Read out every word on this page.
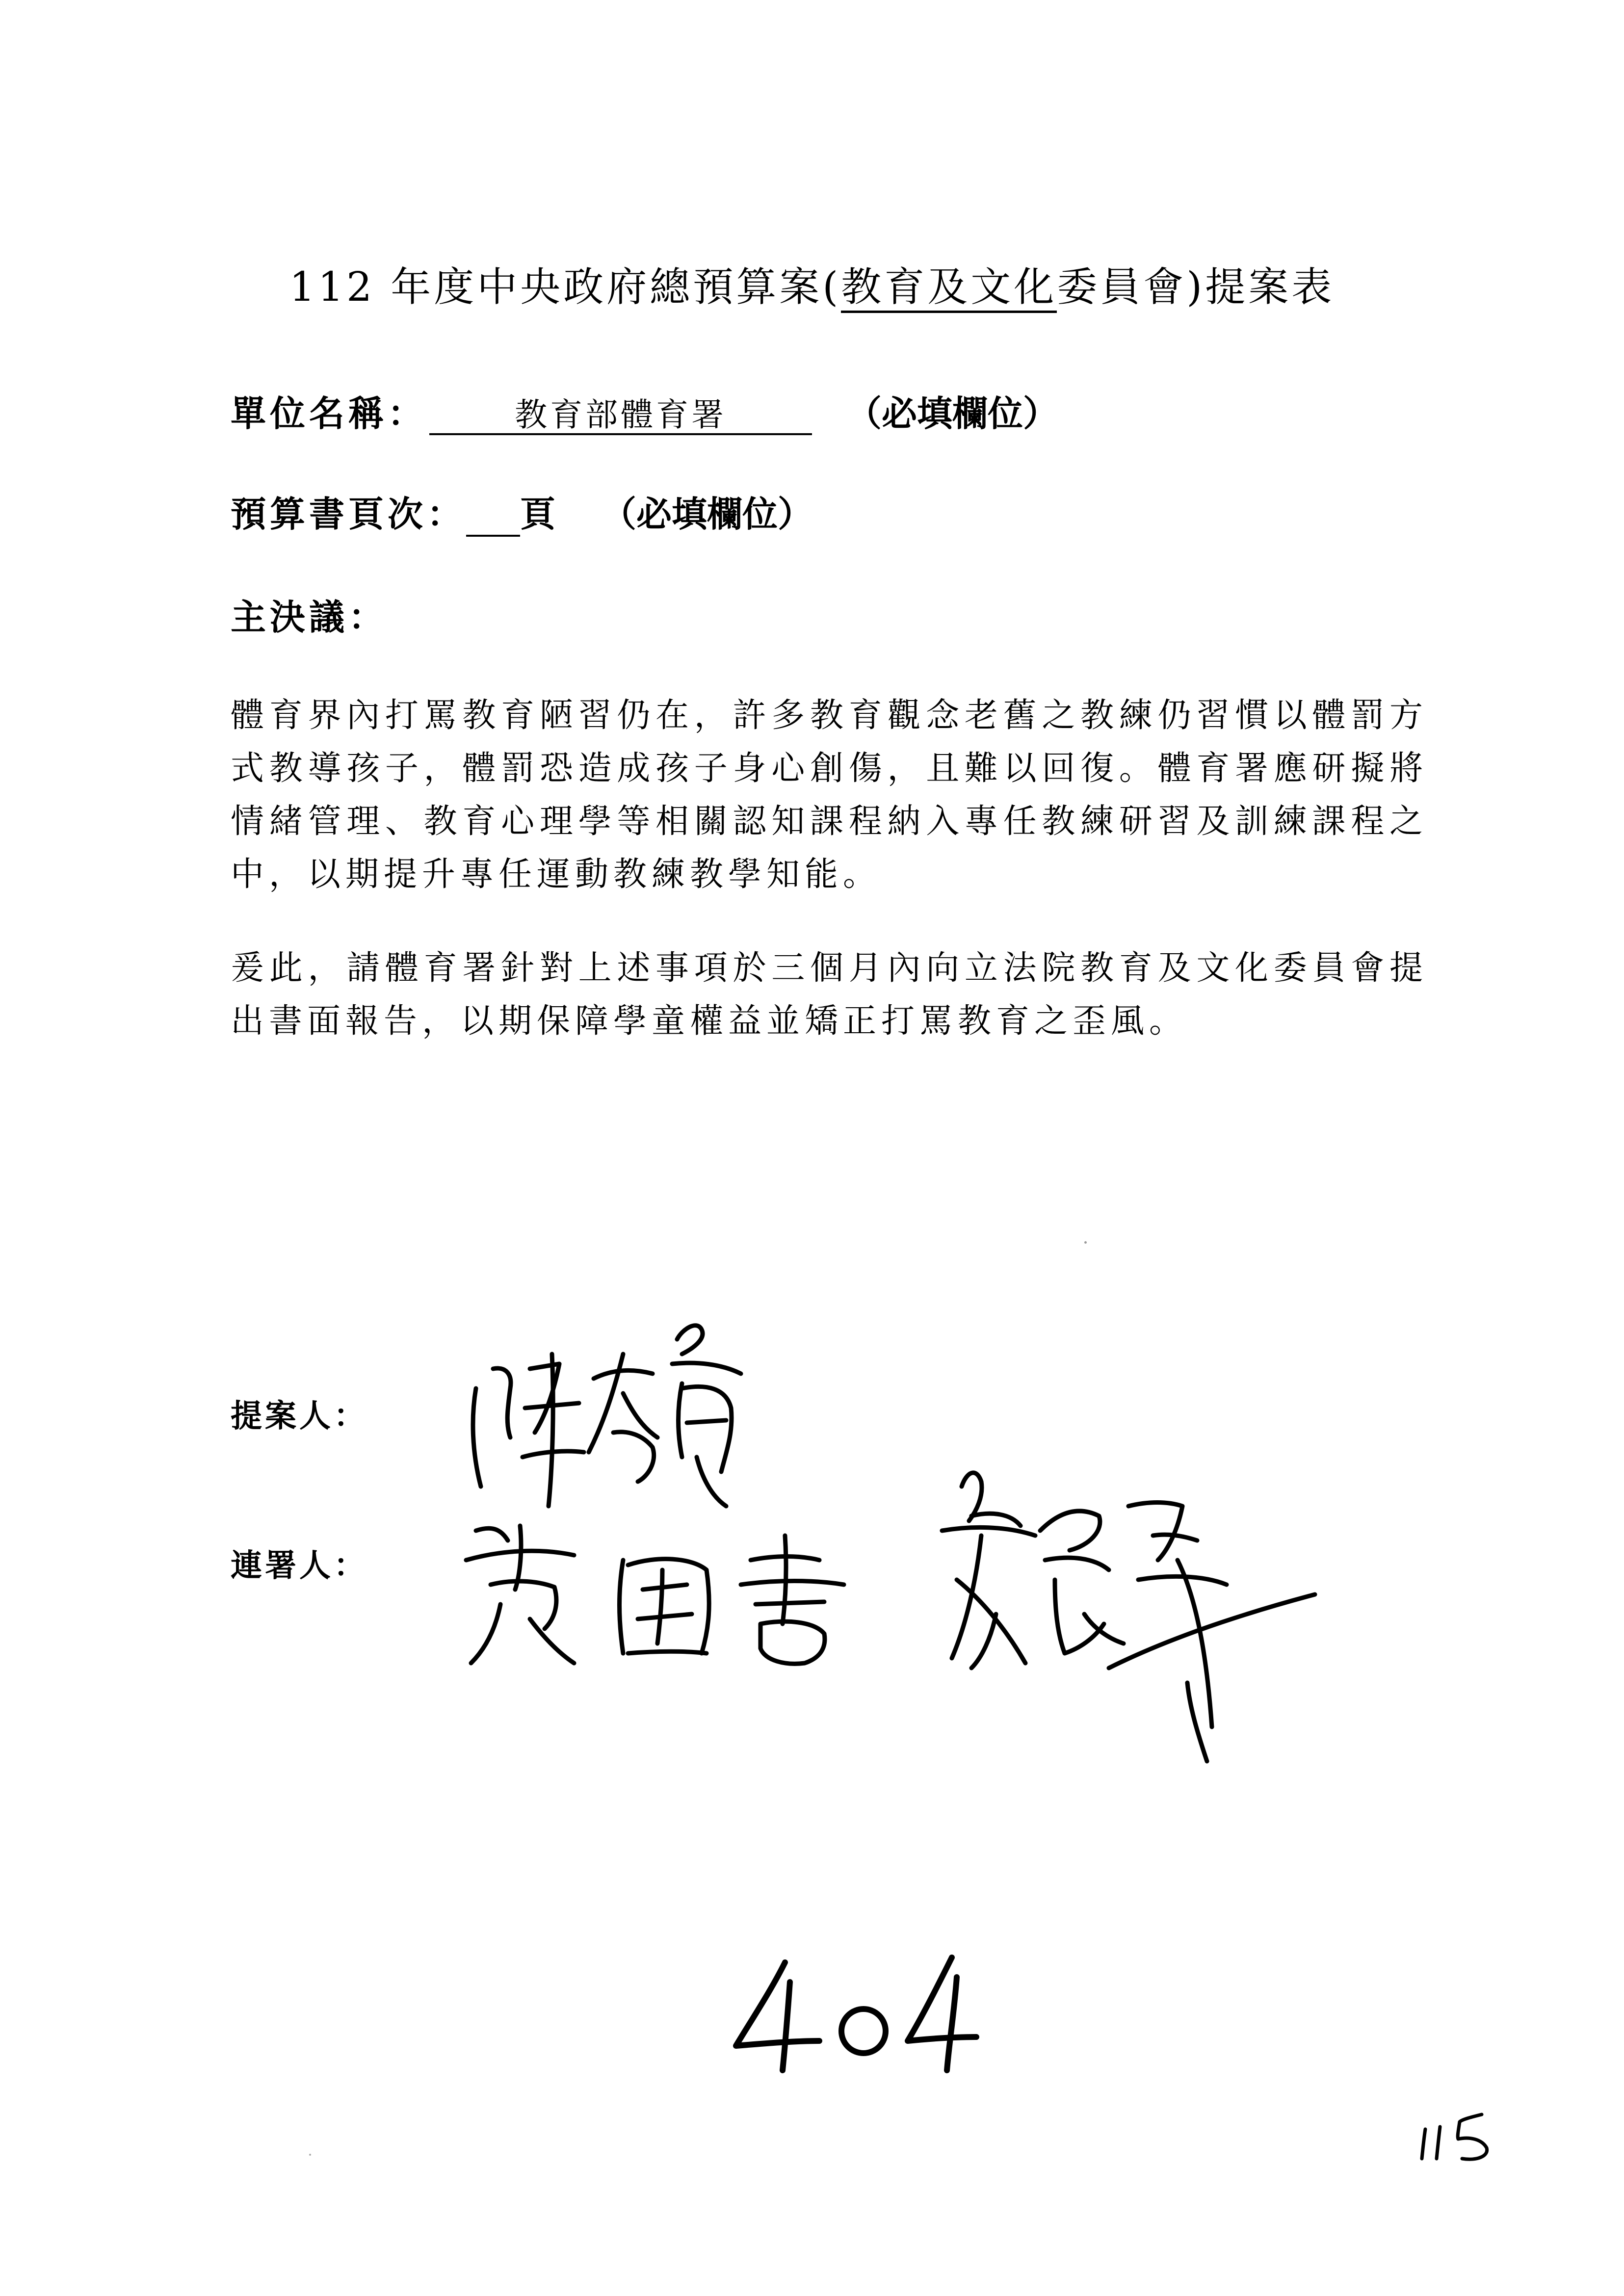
112 年度中央政府總預算案(教育及文化委員會)提案表
單位名稱：	教育部體育署	（必填欄位）
預算書頁次： 頁 （必填欄位）
主決議：
體育界內打罵教育陋習仍在，許多教育觀念老舊之教練仍習慣以體罰方式教導孩子，體罰恐造成孩子身心創傷，且難以回復。體育署應研擬將情緒管理、教育心理學等相關認知課程納入專任教練研習及訓練課程之中，以期提升專任運動教練教學知能。
爰此，請體育署針對上述事項於三個月內向立法院教育及文化委員會提出書面報告，以期保障學童權益並矯正打罵教育之歪風。
提案人：
連署人：
